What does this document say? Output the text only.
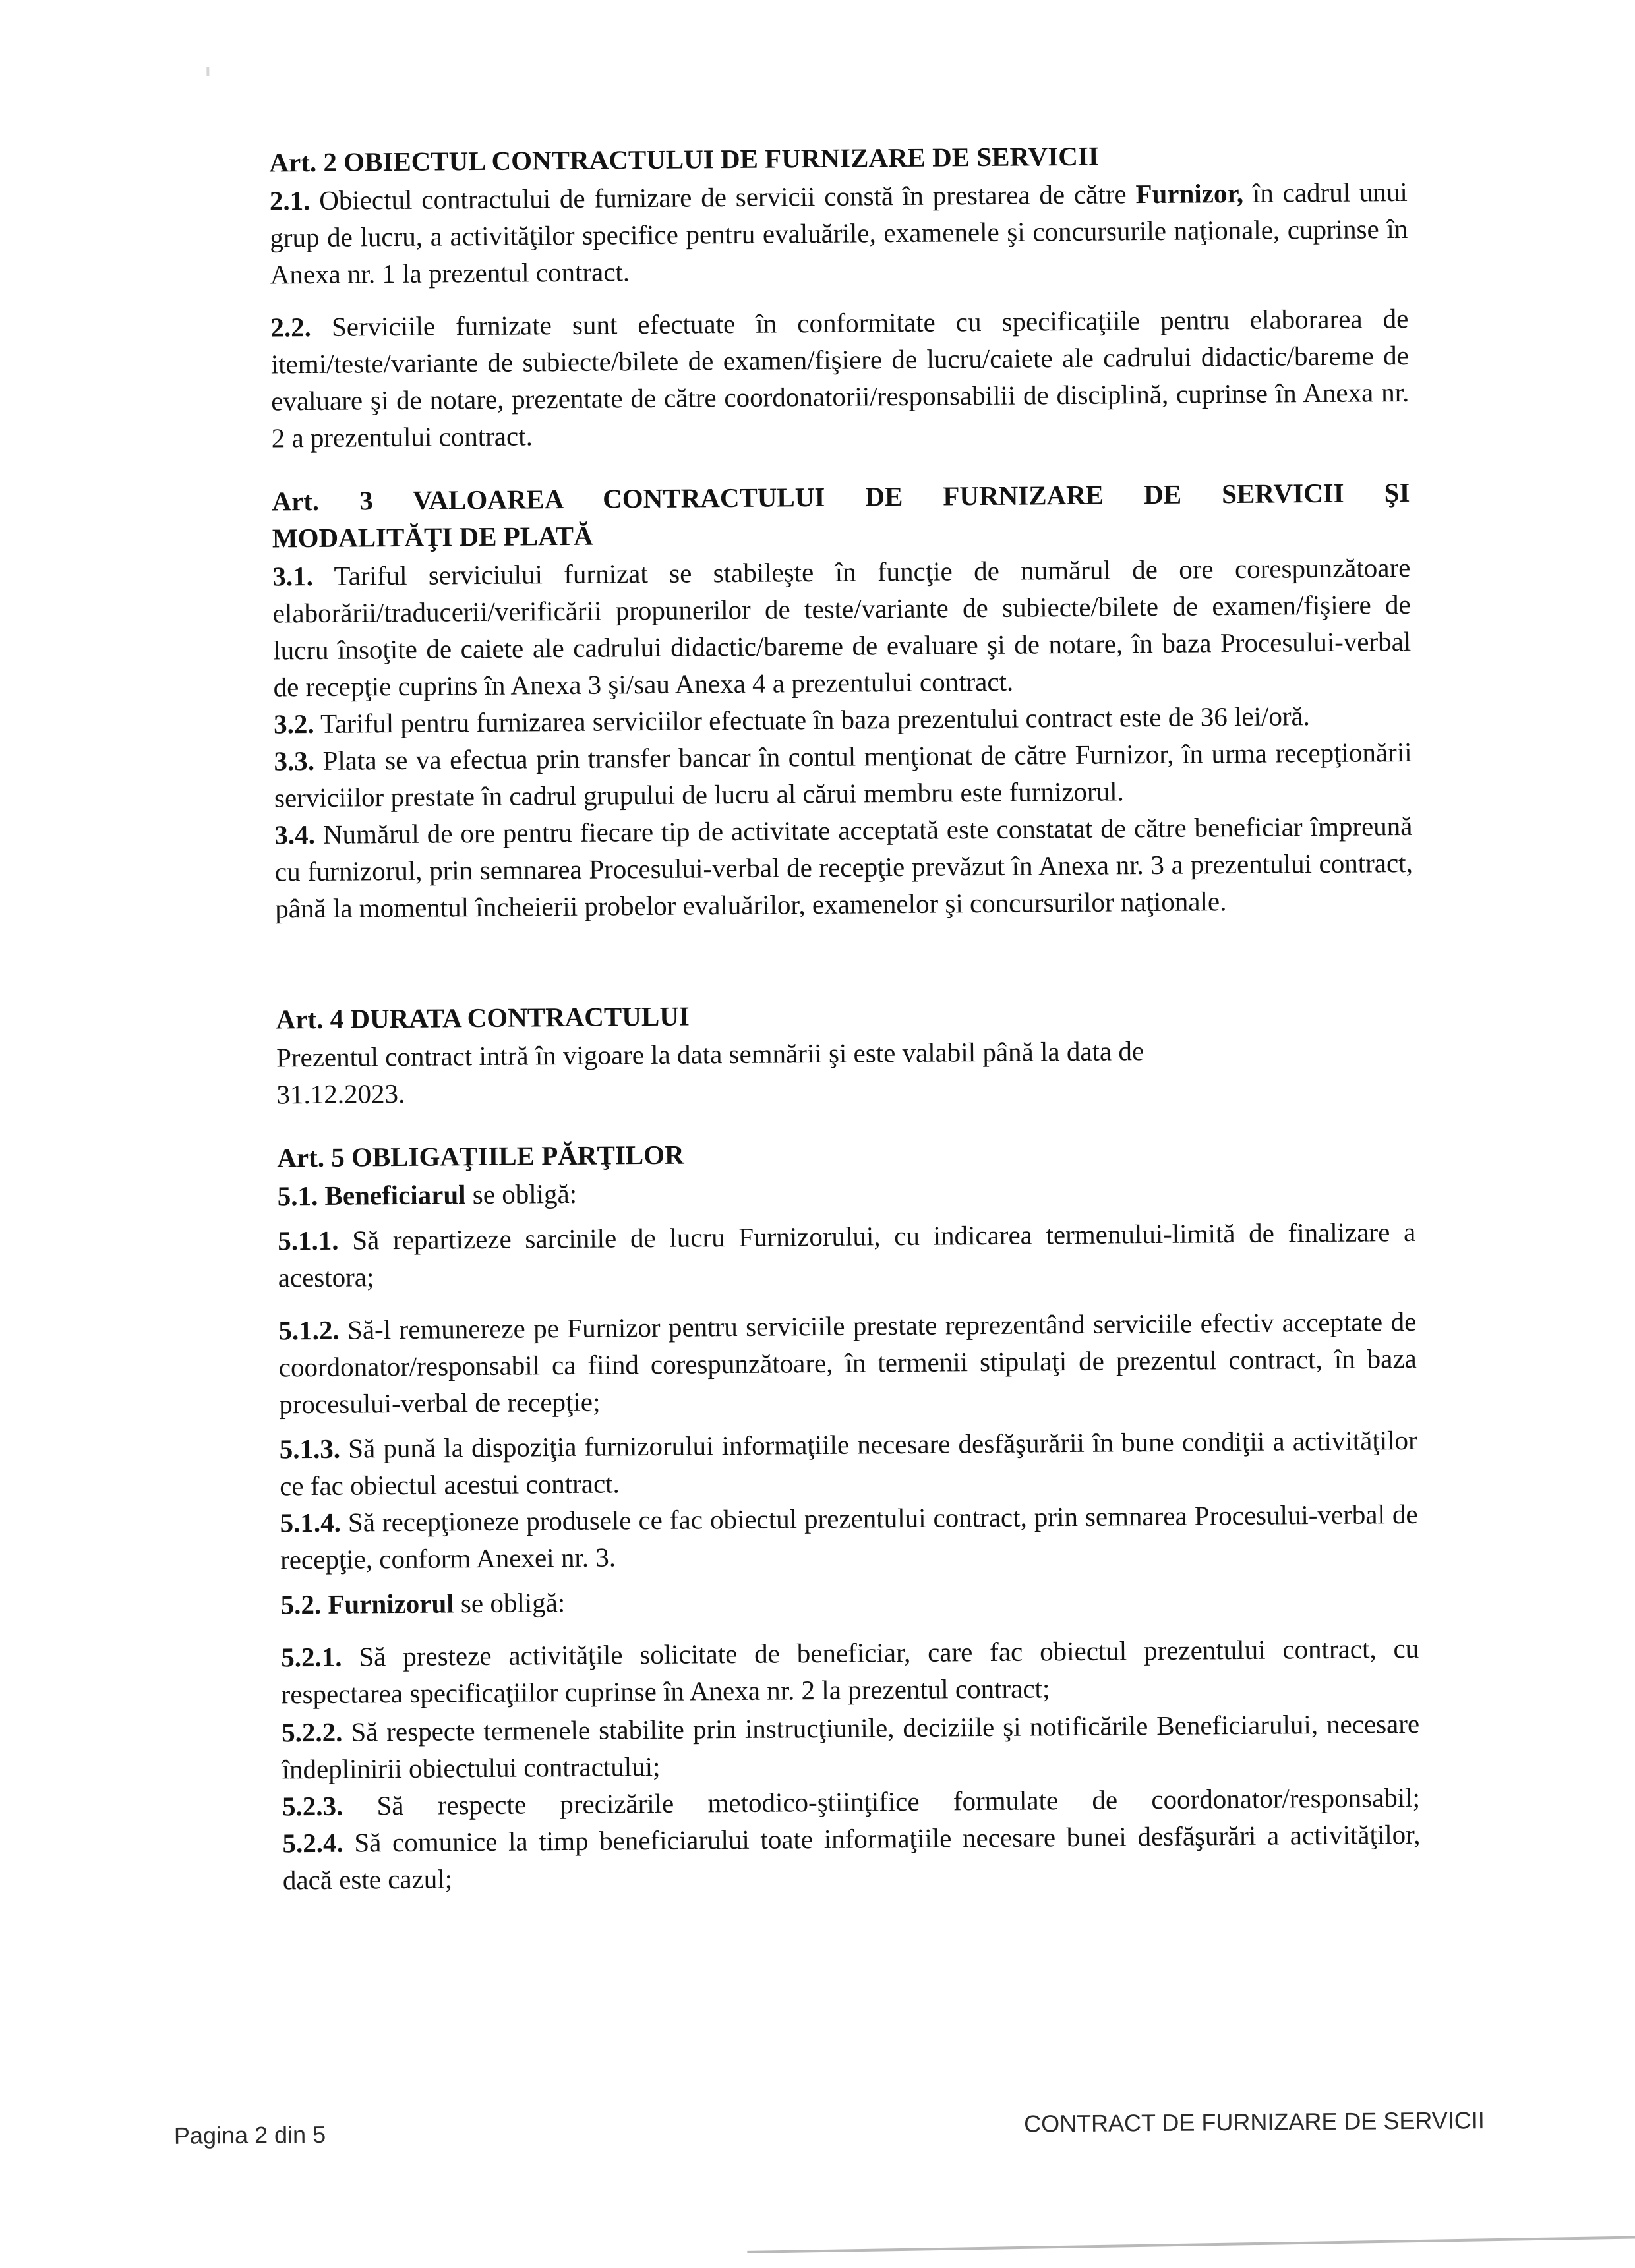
Art. 2 OBIECTUL CONTRACTULUI DE FURNIZARE DE SERVICII

2.1. Obiectul contractului de furnizare de servicii constă în prestarea de către Furnizor, în cadrul unui grup de lucru, a activităţilor specifice pentru evaluările, examenele şi concursurile naţionale, cuprinse în Anexa nr. 1 la prezentul contract.

2.2. Serviciile furnizate sunt efectuate în conformitate cu specificaţiile pentru elaborarea de itemi/teste/variante de subiecte/bilete de examen/fişiere de lucru/caiete ale cadrului didactic/bareme de evaluare şi de notare, prezentate de către coordonatorii/responsabilii de disciplină, cuprinse în Anexa nr. 2 a prezentului contract.

Art. 3 VALOAREA CONTRACTULUI DE FURNIZARE DE SERVICII ŞI
MODALITĂŢI DE PLATĂ

3.1. Tariful serviciului furnizat se stabileşte în funcţie de numărul de ore corespunzătoare elaborării/traducerii/verificării propunerilor de teste/variante de subiecte/bilete de examen/fişiere de lucru însoţite de caiete ale cadrului didactic/bareme de evaluare şi de notare, în baza Procesului-verbal de recepţie cuprins în Anexa 3 şi/sau Anexa 4 a prezentului contract.

3.2. Tariful pentru furnizarea serviciilor efectuate în baza prezentului contract este de 36 lei/oră.

3.3. Plata se va efectua prin transfer bancar în contul menţionat de către Furnizor, în urma recepţionării serviciilor prestate în cadrul grupului de lucru al cărui membru este furnizorul.

3.4. Numărul de ore pentru fiecare tip de activitate acceptată este constatat de către beneficiar împreună cu furnizorul, prin semnarea Procesului-verbal de recepţie prevăzut în Anexa nr. 3 a prezentului contract, până la momentul încheierii probelor evaluărilor, examenelor şi concursurilor naţionale.

Art. 4 DURATA CONTRACTULUI

Prezentul contract intră în vigoare la data semnării şi este valabil până la data de
31.12.2023.

Art. 5 OBLIGAŢIILE PĂRŢILOR

5.1. Beneficiarul se obligă:

5.1.1. Să repartizeze sarcinile de lucru Furnizorului, cu indicarea termenului-limită de finalizare a acestora;

5.1.2. Să-l remunereze pe Furnizor pentru serviciile prestate reprezentând serviciile efectiv acceptate de coordonator/responsabil ca fiind corespunzătoare, în termenii stipulaţi de prezentul contract, în baza procesului-verbal de recepţie;

5.1.3. Să pună la dispoziţia furnizorului informaţiile necesare desfăşurării în bune condiţii a activităţilor ce fac obiectul acestui contract.

5.1.4. Să recepţioneze produsele ce fac obiectul prezentului contract, prin semnarea Procesului-verbal de recepţie, conform Anexei nr. 3.

5.2. Furnizorul se obligă:

5.2.1. Să presteze activităţile solicitate de beneficiar, care fac obiectul prezentului contract, cu respectarea specificaţiilor cuprinse în Anexa nr. 2 la prezentul contract;

5.2.2. Să respecte termenele stabilite prin instrucţiunile, deciziile şi notificările Beneficiarului, necesare îndeplinirii obiectului contractului;

5.2.3. Să respecte precizările metodico-ştiinţifice formulate de coordonator/responsabil;

5.2.4. Să comunice la timp beneficiarului toate informaţiile necesare bunei desfăşurări a activităţilor, dacă este cazul;

Pagina 2 din 5	CONTRACT DE FURNIZARE DE SERVICII
